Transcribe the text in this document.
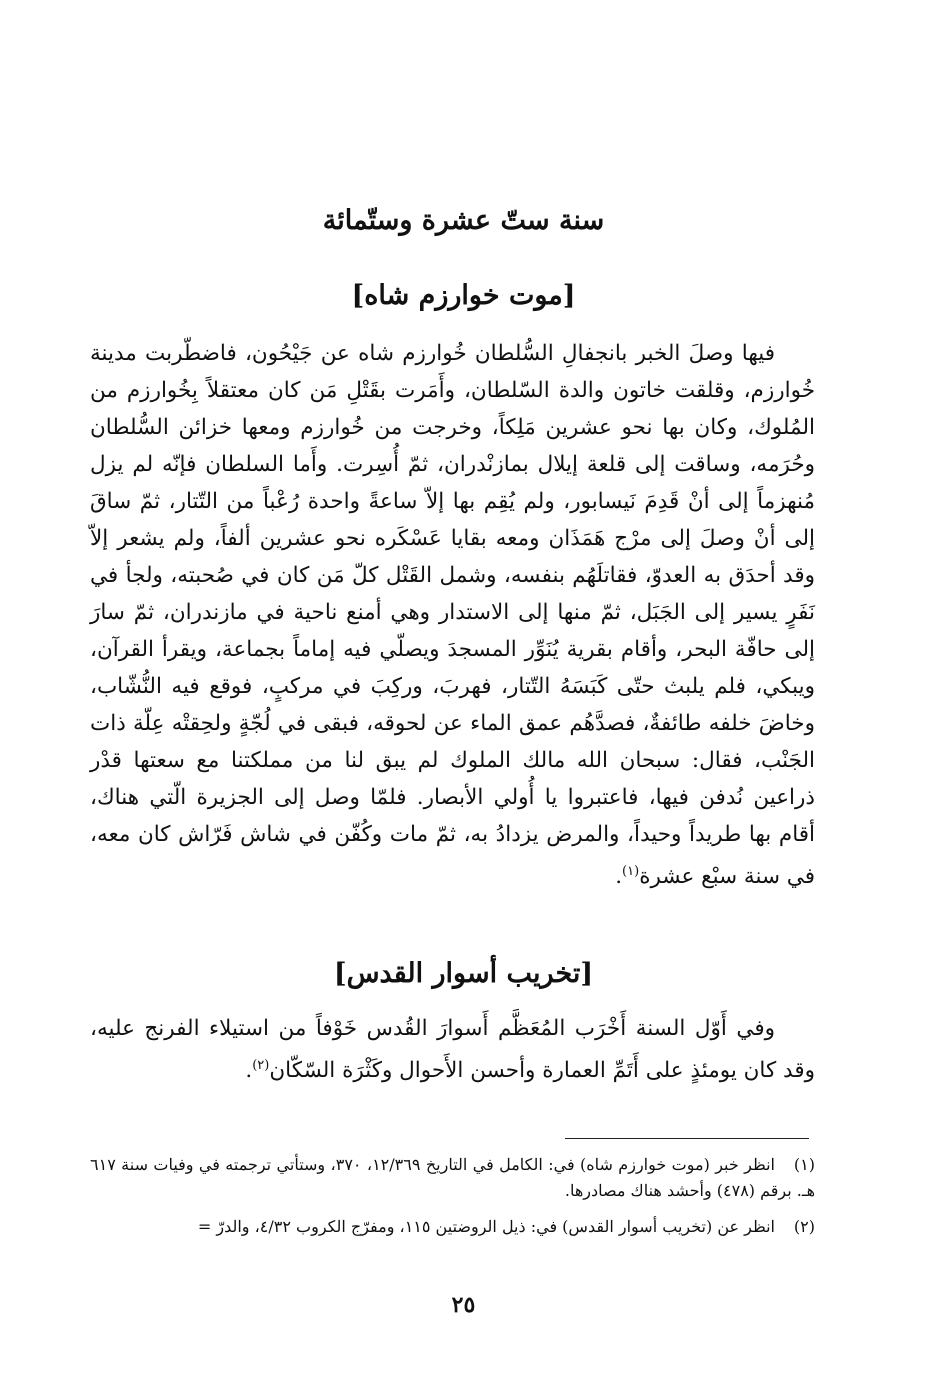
سنة ستّ عشرة وستّمائة
[موت خوارزم شاه]
فيها وصلَ الخبر بانجفالِ السُّلطان خُوارزم شاه عن جَيْحُون، فاضطّربت مدينة خُوارزم، وقلقت خاتون والدة السّلطان، وأَمَرت بقَتْلِ مَن كان معتقلاً بِخُوارزم من المُلوك، وكان بها نحو عشرين مَلِكاً، وخرجت من خُوارزم ومعها خزائن السُّلطان وحُرَمه، وساقت إلى قلعة إيلال بمازنْدران، ثمّ أُسِرت. وأَما السلطان فإنّه لم يزل مُنهزماً إلى أنْ قَدِمَ نَيسابور، ولم يُقِم بها إلاّ ساعةً واحدة رُعْباً من التّتار، ثمّ ساقَ إلى أنْ وصلَ إلى مرْج هَمَذَان ومعه بقايا عَسْكَره نحو عشرين ألفاً، ولم يشعر إلاّ وقد أحدَق به العدوّ، فقاتلَهُم بنفسه، وشمل القَتْل كلّ مَن كان في صُحبته، ولجأ في نَفَرٍ يسير إلى الجَبَل، ثمّ منها إلى الاستدار وهي أمنع ناحية في مازندران، ثمّ سارَ إلى حافّة البحر، وأقام بقرية يُنَوِّر المسجدَ ويصلّي فيه إماماً بجماعة، ويقرأ القرآن، ويبكي، فلم يلبث حتّى كَبَسَهُ التّتار، فهربَ، وركِبَ في مركبٍ، فوقع فيه النُّشّاب، وخاضَ خلفه طائفةٌ، فصدَّهُم عمق الماء عن لحوقه، فبقى في لُجّةٍ ولحِقتْه عِلّة ذات الجَنْب، فقال: سبحان الله مالك الملوك لم يبق لنا من مملكتنا مع سعتها قدْر ذراعين نُدفن فيها، فاعتبروا يا أُولي الأبصار. فلمّا وصل إلى الجزيرة الّتي هناك، أقام بها طريداً وحيداً، والمرض يزدادُ به، ثمّ مات وكُفّن في شاش فَرّاش كان معه، في سنة سبْع عشرة$^{(١)}$.
[تخريب أسوار القدس]
وفي أَوّل السنة أَخْرَب المُعَظَّم أَسوارَ القُدس خَوْفاً من استيلاء الفرنج عليه، وقد كان يومئذٍ على أَتَمِّ العمارة وأحسن الأَحوال وكَثْرَة السّكّان$^{(٢)}$.
(١)انظر خبر (موت خوارزم شاه) في: الكامل في التاريخ ١٢/٣٦٩، ٣٧٠، وستأتي ترجمته في وفيات سنة ٦١٧ هـ. برقم (٤٧٨) وأحشد هناك مصادرها.
(٢)انظر عن (تخريب أسوار القدس) في: ذيل الروضتين ١١٥، ومفرّج الكروب ٤/٣٢، والدرّ =
٢٥
